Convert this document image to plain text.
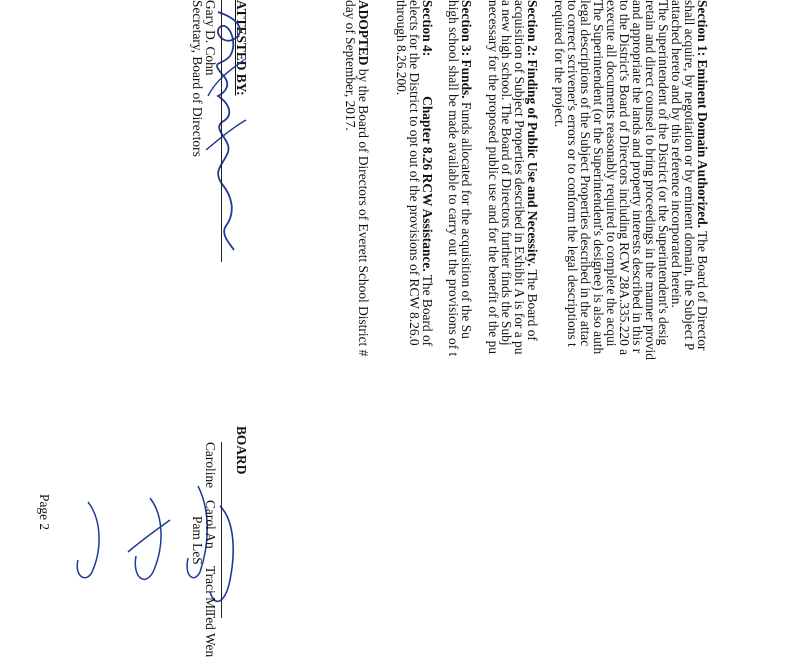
Section 1: Eminent Domain Authorized. The Board of Director
shall acquire, by negotiation or by eminent domain, the Subject P
attached hereto and by this reference incorporated herein.
The Superintendent of the District (or the Superintendent's desig
retain and direct counsel to bring proceedings in the manner provid
and appropriate the lands and property interests described in this r
to the District's Board of Directors including RCW 28A.335.220 a
execute all documents reasonably required to complete the acqui
The Superintendent (or the Superintendent's designee) is also auth
legal descriptions of the Subject Properties described in the attac
to correct scrivener's errors or to conform the legal descriptions t
required for the project.
Section 2: Finding of Public Use and Necessity. The Board of
acquisition of Subject Properties described in Exhibit A is for a pu
a new high school. The Board of Directors further finds the Subj
necessary for the proposed public use and for the benefit of the pu
Section 3: Funds. Funds allocated for the acquisition of the Su
high school shall be made available to carry out the provisions of t
Section 4:Chapter 8.26 RCW Assistance. The Board of
elects for the District to opt out of the provisions of RCW 8.26.0
through 8.26.200.
ADOPTED by the Board of Directors of Everett School District #
day of September, 2017.
ATTESTED BY:
Gary D. Cohn
Secretary, Board of Directors
BOARD
Caroline
Carol An
Pam LeS
Traci Mi
Ted Wen
Page 2
